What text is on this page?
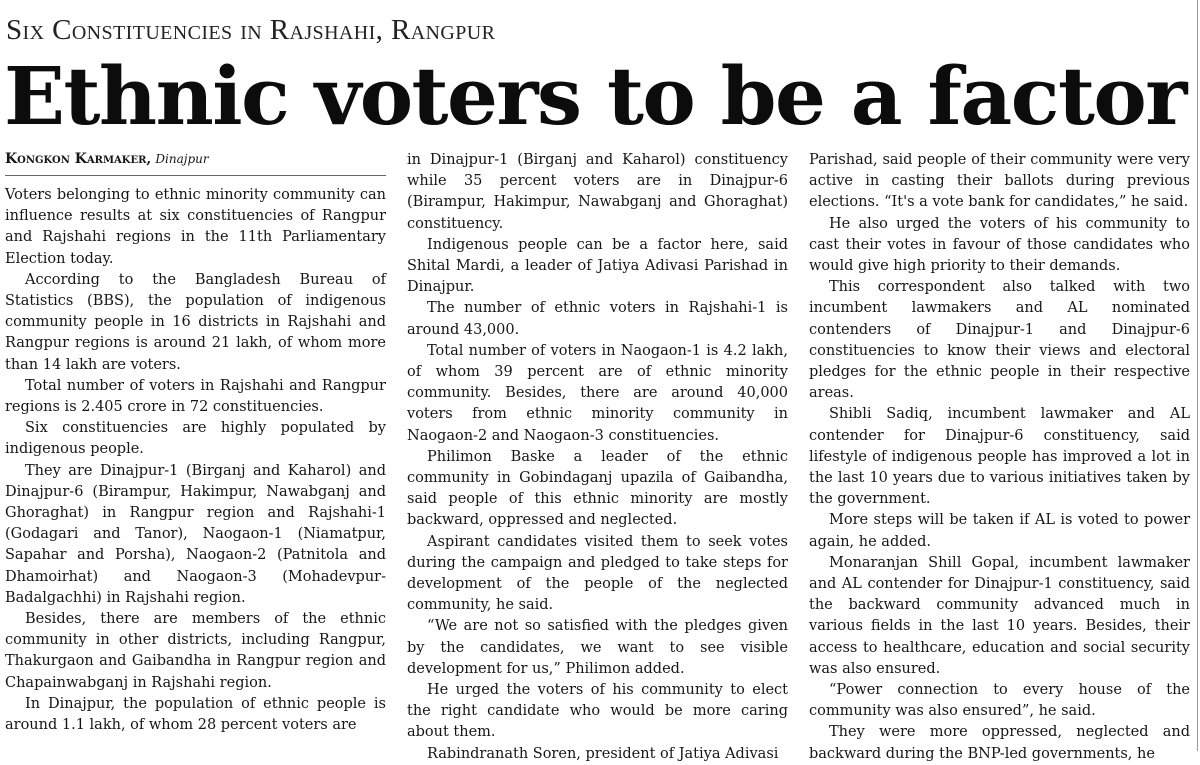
Six Constituencies in Rajshahi, Rangpur
Ethnic voters to be a factor
Kongkon Karmaker, Dinajpur

Voters belonging to ethnic minority community can influence results at six constituencies of Rangpur and Rajshahi regions in the 11th Parliamentary Election today.

According to the Bangladesh Bureau of Statistics (BBS), the population of indigenous community people in 16 districts in Rajshahi and Rangpur regions is around 21 lakh, of whom more than 14 lakh are voters.

Total number of voters in Rajshahi and Rangpur regions is 2.405 crore in 72 constituencies.

Six constituencies are highly populated by indigenous people.

They are Dinajpur-1 (Birganj and Kaharol) and Dinajpur-6 (Birampur, Hakimpur, Nawabganj and Ghoraghat) in Rangpur region and Rajshahi-1 (Godagari and Tanor), Naogaon-1 (Niamatpur, Sapahar and Porsha), Naogaon-2 (Patnitola and Dhamoirhat) and Naogaon-3 (Mohadevpur-Badalgachhi) in Rajshahi region.

Besides, there are members of the ethnic community in other districts, including Rangpur, Thakurgaon and Gaibandha in Rangpur region and Chapainwabganj in Rajshahi region.

In Dinajpur, the population of ethnic people is around 1.1 lakh, of whom 28 percent voters are

in Dinajpur-1 (Birganj and Kaharol) constituency while 35 percent voters are in Dinajpur-6 (Birampur, Hakimpur, Nawabganj and Ghoraghat) constituency.

Indigenous people can be a factor here, said Shital Mardi, a leader of Jatiya Adivasi Parishad in Dinajpur.

The number of ethnic voters in Rajshahi-1 is around 43,000.

Total number of voters in Naogaon-1 is 4.2 lakh, of whom 39 percent are of ethnic minority community. Besides, there are around 40,000 voters from ethnic minority community in Naogaon-2 and Naogaon-3 constituencies.

Philimon Baske a leader of the ethnic community in Gobindaganj upazila of Gaibandha, said people of this ethnic minority are mostly backward, oppressed and neglected.

Aspirant candidates visited them to seek votes during the campaign and pledged to take steps for development of the people of the neglected community, he said.

“We are not so satisfied with the pledges given by the candidates, we want to see visible development for us,” Philimon added.

He urged the voters of his community to elect the right candidate who would be more caring about them.

Rabindranath Soren, president of Jatiya Adivasi

Parishad, said people of their community were very active in casting their ballots during previous elections. “It's a vote bank for candidates,” he said.

He also urged the voters of his community to cast their votes in favour of those candidates who would give high priority to their demands.

This correspondent also talked with two incumbent lawmakers and AL nominated contenders of Dinajpur-1 and Dinajpur-6 constituencies to know their views and electoral pledges for the ethnic people in their respective areas.

Shibli Sadiq, incumbent lawmaker and AL contender for Dinajpur-6 constituency, said lifestyle of indigenous people has improved a lot in the last 10 years due to various initiatives taken by the government.

More steps will be taken if AL is voted to power again, he added.

Monaranjan Shill Gopal, incumbent lawmaker and AL contender for Dinajpur-1 constituency, said the backward community advanced much in various fields in the last 10 years. Besides, their access to healthcare, education and social security was also ensured.

“Power connection to every house of the community was also ensured”, he said.

They were more oppressed, neglected and backward during the BNP-led governments, he
